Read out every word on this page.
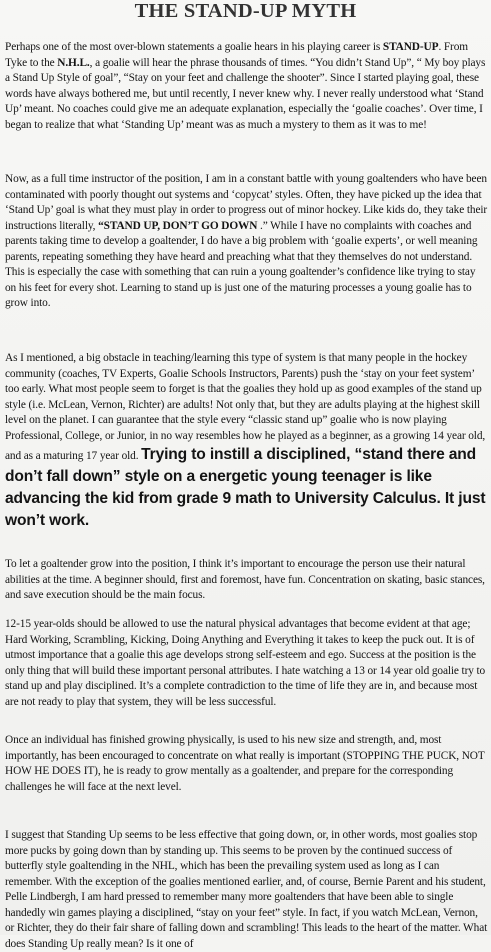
THE STAND-UP MYTH

Perhaps one of the most over-blown statements a goalie hears in his playing career is STAND-UP. From Tyke to the N.H.L., a goalie will hear the phrase thousands of times. “You didn’t Stand Up”, “ My boy plays a Stand Up Style of goal”, “Stay on your feet and challenge the shooter”. Since I started playing goal, these words have always bothered me, but until recently, I never knew why. I never really understood what ‘Stand Up’ meant. No coaches could give me an adequate explanation, especially the ‘goalie coaches’. Over time, I began to realize that what ‘Standing Up’ meant was as much a mystery to them as it was to me!

Now, as a full time instructor of the position, I am in a constant battle with young goaltenders who have been contaminated with poorly thought out systems and ‘copycat’ styles. Often, they have picked up the idea that ‘Stand Up’ goal is what they must play in order to progress out of minor hockey. Like kids do, they take their instructions literally, “STAND UP, DON’T GO DOWN .” While I have no complaints with coaches and parents taking time to develop a goaltender, I do have a big problem with ‘goalie experts’, or well meaning parents, repeating something they have heard and preaching what that they themselves do not understand. This is especially the case with something that can ruin a young goaltender’s confidence like trying to stay on his feet for every shot. Learning to stand up is just one of the maturing processes a young goalie has to grow into.

As I mentioned, a big obstacle in teaching/learning this type of system is that many people in the hockey community (coaches, TV Experts, Goalie Schools Instructors, Parents) push the ‘stay on your feet system’ too early. What most people seem to forget is that the goalies they hold up as good examples of the stand up style (i.e. McLean, Vernon, Richter) are adults! Not only that, but they are adults playing at the highest skill level on the planet. I can guarantee that the style every “classic stand up” goalie who is now playing Professional, College, or Junior, in no way resembles how he played as a beginner, as a growing 14 year old, and as a maturing 17 year old. Trying to instill a disciplined, “stand there and don’t fall down” style on a energetic young teenager is like advancing the kid from grade 9 math to University Calculus. It just won’t work.

To let a goaltender grow into the position, I think it’s important to encourage the person use their natural abilities at the time. A beginner should, first and foremost, have fun. Concentration on skating, basic stances, and save execution should be the main focus.

12-15 year-olds should be allowed to use the natural physical advantages that become evident at that age; Hard Working, Scrambling, Kicking, Doing Anything and Everything it takes to keep the puck out. It is of utmost importance that a goalie this age develops strong self-esteem and ego. Success at the position is the only thing that will build these important personal attributes. I hate watching a 13 or 14 year old goalie try to stand up and play disciplined. It’s a complete contradiction to the time of life they are in, and because most are not ready to play that system, they will be less successful.

Once an individual has finished growing physically, is used to his new size and strength, and, most importantly, has been encouraged to concentrate on what really is important (STOPPING THE PUCK, NOT HOW HE DOES IT), he is ready to grow mentally as a goaltender, and prepare for the corresponding challenges he will face at the next level.

I suggest that Standing Up seems to be less effective that going down, or, in other words, most goalies stop more pucks by going down than by standing up. This seems to be proven by the continued success of butterfly style goaltending in the NHL, which has been the prevailing system used as long as I can remember. With the exception of the goalies mentioned earlier, and, of course, Bernie Parent and his student, Pelle Lindbergh, I am hard pressed to remember many more goaltenders that have been able to single handedly win games playing a disciplined, “stay on your feet” style. In fact, if you watch McLean, Vernon, or Richter, they do their fair share of falling down and scrambling! This leads to the heart of the matter. What does Standing Up really mean? Is it one of
